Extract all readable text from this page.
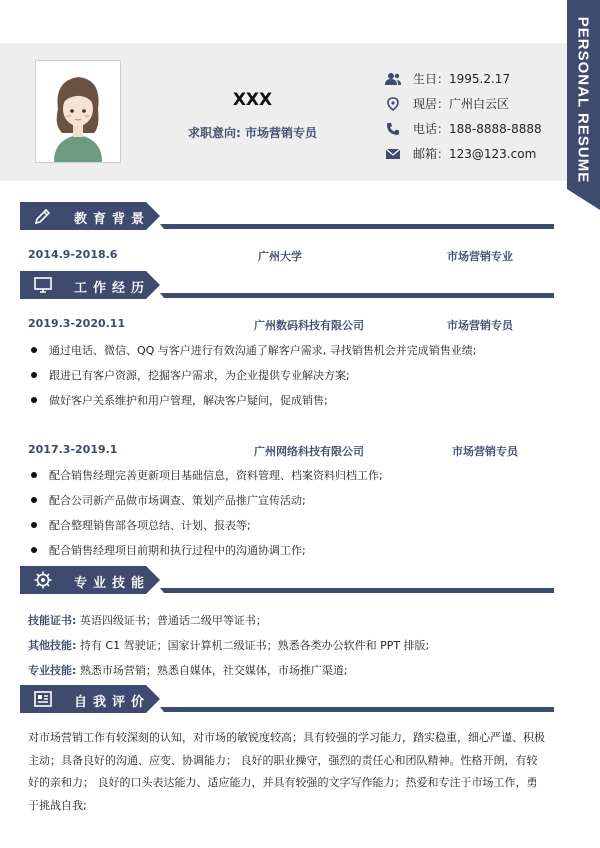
XXX
求职意向: 市场营销专员
生日：1995.2.17
现居：广州白云区
电话：188-8888-8888
邮箱：123@123.com	PERSONAL RESUME
教育背景
2014.9-2018.6	广州大学	市场营销专业
工作经历
2019.3-2020.11	广州数码科技有限公司	市场营销专员
通过电话、微信、QQ 与客户进行有效沟通了解客户需求, 寻找销售机会并完成销售业绩;
跟进已有客户资源，挖掘客户需求，为企业提供专业解决方案;
做好客户关系维护和用户管理，解决客户疑问，促成销售;
2017.3-2019.1	广州网络科技有限公司	市场营销专员
配合销售经理完善更新项目基础信息，资料管理、档案资料归档工作;
配合公司新产品做市场调查、策划产品推广宣传活动;
配合整理销售部各项总结、计划、报表等;
配合销售经理项目前期和执行过程中的沟通协调工作;
专业技能
技能证书: 英语四级证书；普通话二级甲等证书；
其他技能: 持有 C1 驾驶证；国家计算机二级证书；熟悉各类办公软件和 PPT 排版;
专业技能: 熟悉市场营销；熟悉自媒体，社交媒体，市场推广渠道;
自我评价
对市场营销工作有较深刻的认知，对市场的敏锐度较高；具有较强的学习能力，踏实稳重，细心严谨、积极
主动；具备良好的沟通、应变、协调能力； 良好的职业操守，强烈的责任心和团队精神。性格开朗，有较
好的亲和力； 良好的口头表达能力、适应能力，并具有较强的文字写作能力；热爱和专注于市场工作，勇
于挑战自我;
